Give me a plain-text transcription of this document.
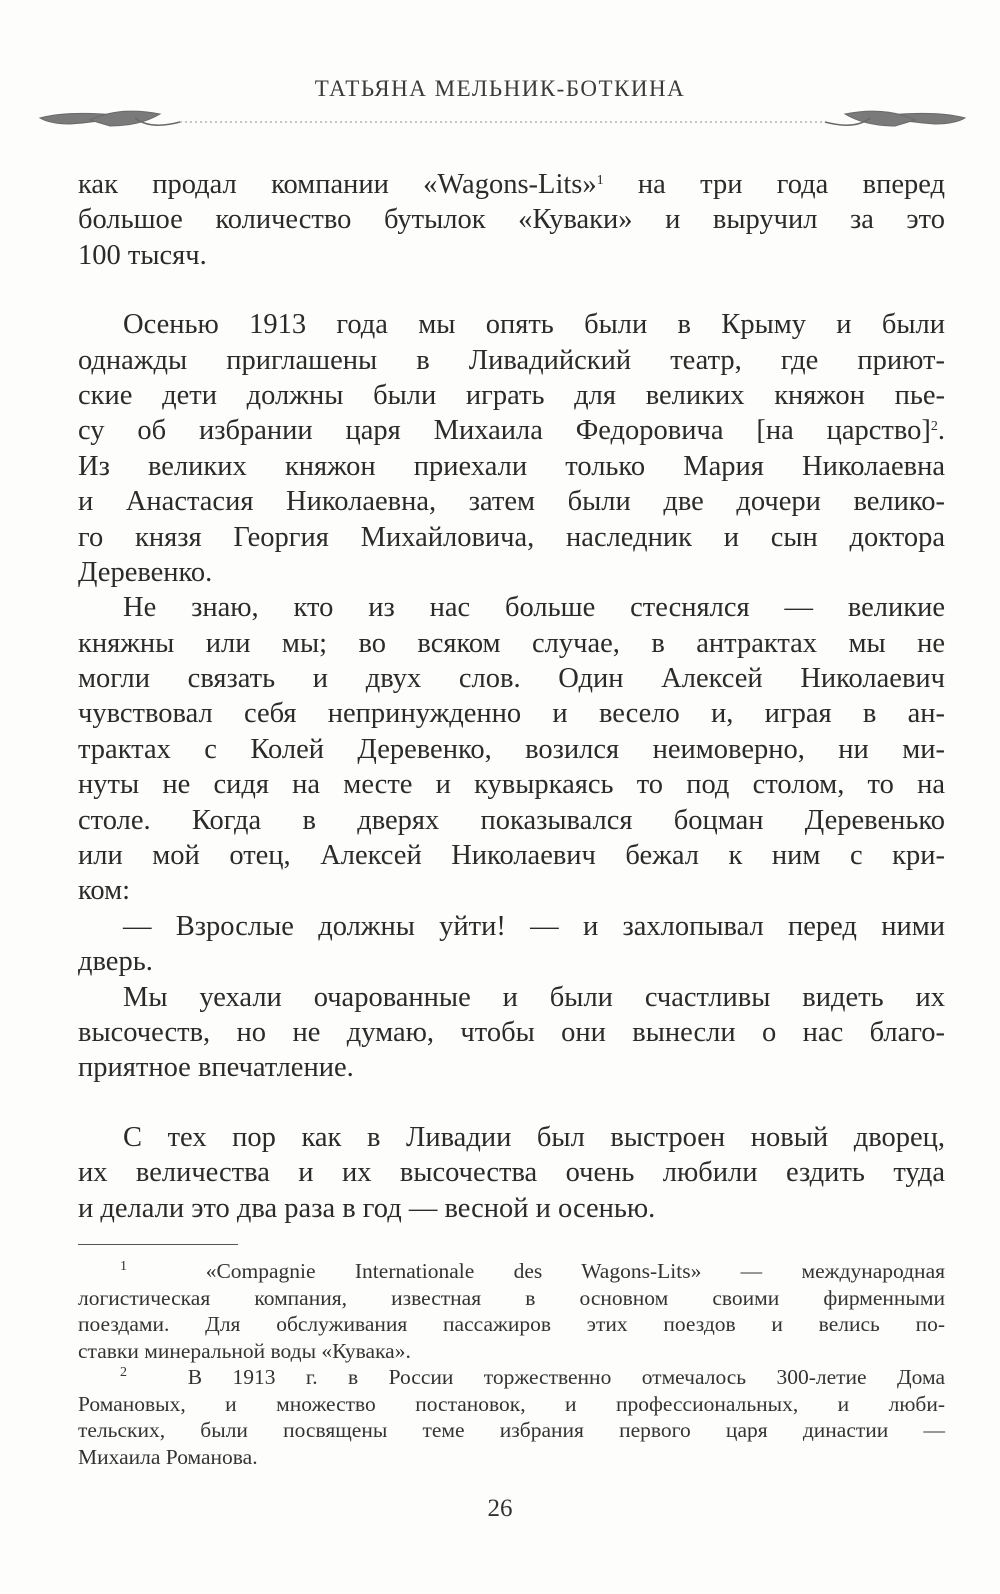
ТАТЬЯНА МЕЛЬНИК-БОТКИНА
как продал компании «Wagons-Lits»$^1$ на три года вперед
большое количество бутылок «Куваки» и выручил за это
100 тысяч.
Осенью 1913 года мы опять были в Крыму и были
однажды приглашены в Ливадийский театр, где приют-
ские дети должны были играть для великих княжон пье-
су об избрании царя Михаила Федоровича [на царство]$^2$.
Из великих княжон приехали только Мария Николаевна
и Анастасия Николаевна, затем были две дочери велико-
го князя Георгия Михайловича, наследник и сын доктора
Деревенко.
Не знаю, кто из нас больше стеснялся — великие
княжны или мы; во всяком случае, в антрактах мы не
могли связать и двух слов. Один Алексей Николаевич
чувствовал себя непринужденно и весело и, играя в ан-
трактах с Колей Деревенко, возился неимоверно, ни ми-
нуты не сидя на месте и кувыркаясь то под столом, то на
столе. Когда в дверях показывался боцман Деревенько
или мой отец, Алексей Николаевич бежал к ним с кри-
ком:
— Взрослые должны уйти! — и захлопывал перед ними
дверь.
Мы уехали очарованные и были счастливы видеть их
высочеств, но не думаю, чтобы они вынесли о нас благо-
приятное впечатление.
С тех пор как в Ливадии был выстроен новый дворец,
их величества и их высочества очень любили ездить туда
и делали это два раза в год — весной и осенью.
$^1$	«Compagnie Internationale des Wagons-Lits» — международная
логистическая компания, известная в основном своими фирменными
поездами. Для обслуживания пассажиров этих поездов и велись по-
ставки минеральной воды «Кувака».
$^2$	В 1913 г. в России торжественно отмечалось 300-летие Дома
Романовых, и множество постановок, и профессиональных, и люби-
тельских, были посвящены теме избрания первого царя династии —
Михаила Романова.
26
